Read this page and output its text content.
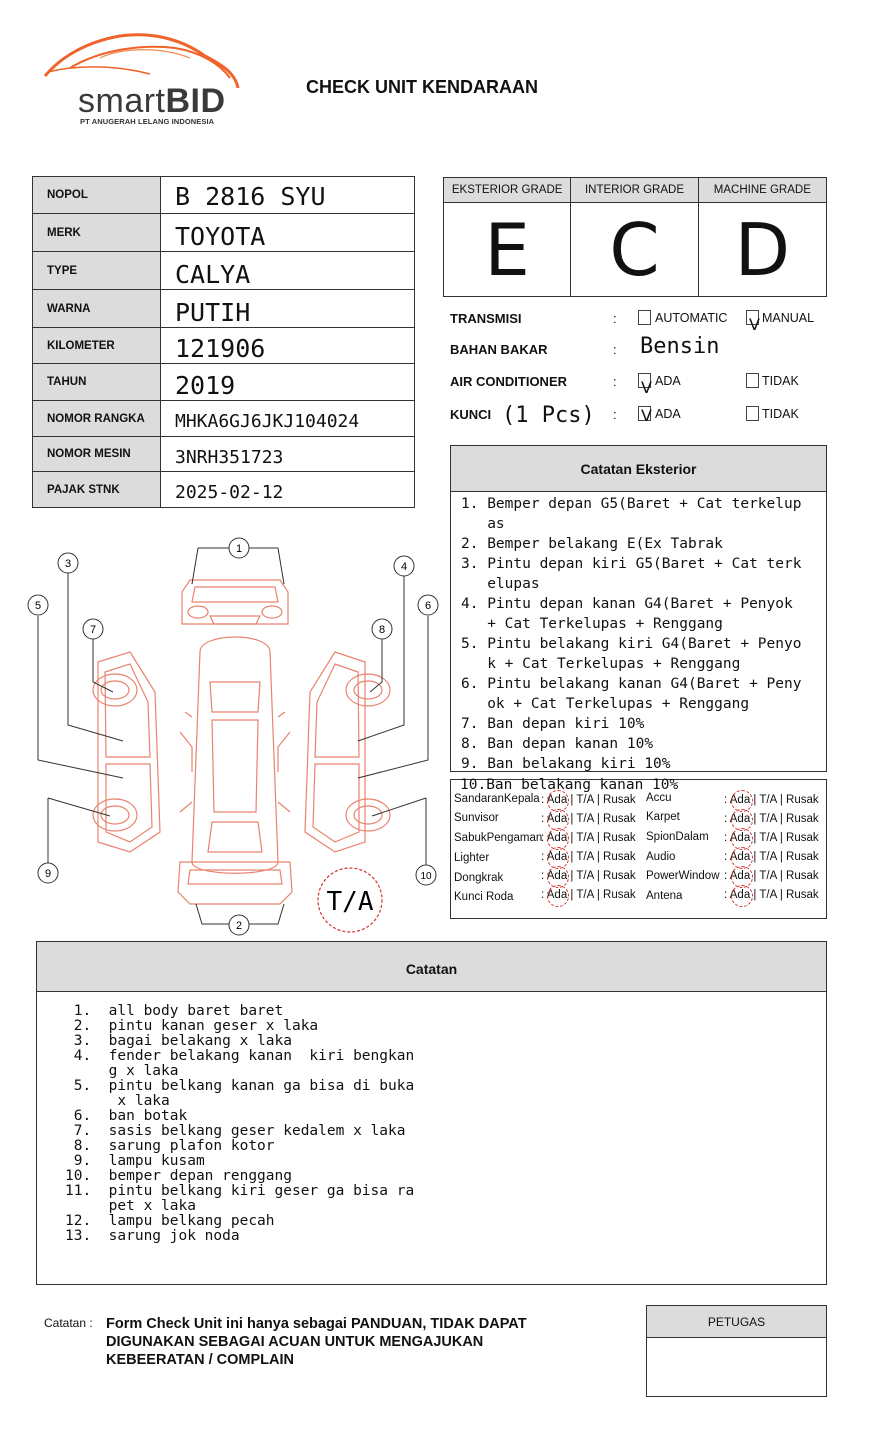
smartBID
PT ANUGERAH LELANG INDONESIA
CHECK UNIT KENDARAAN
NOPOL	B 2816 SYU
MERK	TOYOTA
TYPE	CALYA
WARNA	PUTIH
KILOMETER	121906
TAHUN	2019
NOMOR RANGKA	MHKA6GJ6JKJ104024
NOMOR MESIN	3NRH351723
PAJAK STNK	2025-02-12
EKSTERIOR GRADE
E
INTERIOR GRADE
C
MACHINE GRADE
D
TRANSMISI	:	AUTOMATIC V MANUAL
BAHAN BAKAR	: Bensin
AIR CONDITIONER	: V ADA	TIDAK
KUNCI (1 Pcs) : V ADA	TIDAK
Catatan Eksterior
1. Bemper depan G5(Baret + Cat terkelup
as
2. Bemper belakang E(Ex Tabrak
3. Pintu depan kiri G5(Baret + Cat terk
elupas
4. Pintu depan kanan G4(Baret + Penyok
+ Cat Terkelupas + Renggang
5. Pintu belakang kiri G4(Baret + Penyo
k + Cat Terkelupas + Renggang
6. Pintu belakang kanan G4(Baret + Peny
ok + Cat Terkelupas + Renggang
7. Ban depan kiri 10%
8. Ban depan kanan 10%
9. Ban belakang kiri 10%
10.Ban belakang kanan 10%
SandaranKepala : Ada | T/A | Rusak
Sunvisor	: Ada | T/A | Rusak
SabukPengaman
: Ada | T/A | Rusak
Lighter	: Ada | T/A | Rusak
Dongkrak	: Ada | T/A | Rusak
Kunci Roda : Ada | T/A | Rusak
Accu	: Ada | T/A | Rusak
Karpet	: Ada | T/A | Rusak
SpionDalam : Ada | T/A | Rusak
Audio	: Ada | T/A | Rusak
PowerWindow : Ada | T/A | Rusak
Antena	: Ada | T/A | Rusak
1
2
3	4
5	6
7	8
9	10
T/A
Catatan
1.  all body baret baret
2.  pintu kanan geser x laka
3.  bagai belakang x laka
4.  fender belakang kanan  kiri bengkan
g x laka
5.  pintu belkang kanan ga bisa di buka
x laka
6.  ban botak
7.  sasis belkang geser kedalem x laka
8.  sarung plafon kotor
9.  lampu kusam
10.  bemper depan renggang
11.  pintu belkang kiri geser ga bisa ra
pet x laka
12.  lampu belkang pecah
13.  sarung jok noda
Catatan : Form Check Unit ini hanya sebagai PANDUAN, TIDAK DAPAT DIGUNAKAN SEBAGAI ACUAN UNTUK MENGAJUKAN KEBEERATAN / COMPLAIN
PETUGAS
